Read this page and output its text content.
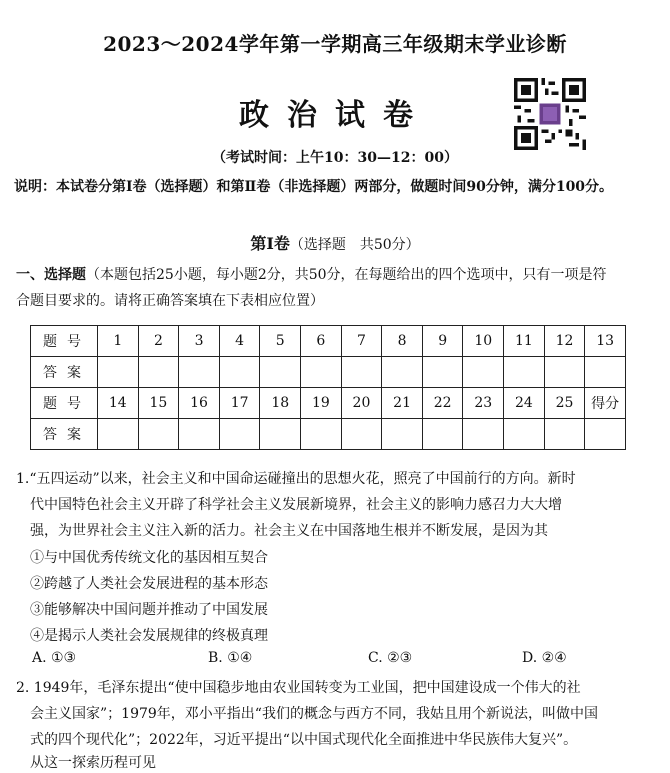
2023～2024学年第一学期高三年级期末学业诊断
政治试卷
（考试时间：上午10：30—12：00）
说明：本试卷分第Ⅰ卷（选择题）和第Ⅱ卷（非选择题）两部分，做题时间90分钟，满分100分。
第Ⅰ卷（选择题　共50分）
一、选择题（本题包括25小题，每小题2分，共50分，在每题给出的四个选项中，只有一项是符
合题目要求的。请将正确答案填在下表相应位置）
题号	1	2	3	4	5	6	7	8	9	10	11	12	13
答案													
题号	14	15	16	17	18	19	20	21	22	23	24	25	得分
答案													
1.“五四运动”以来，社会主义和中国命运碰撞出的思想火花，照亮了中国前行的方向。新时
代中国特色社会主义开辟了科学社会主义发展新境界，社会主义的影响力感召力大大增
强，为世界社会主义注入新的活力。社会主义在中国落地生根并不断发展，是因为其
①与中国优秀传统文化的基因相互契合
②跨越了人类社会发展进程的基本形态
③能够解决中国问题并推动了中国发展
④是揭示人类社会发展规律的终极真理
A. ①③	B. ①④	C. ②③	D. ②④
2. 1949年，毛泽东提出“使中国稳步地由农业国转变为工业国，把中国建设成一个伟大的社
会主义国家”；1979年，邓小平指出“我们的概念与西方不同，我姑且用个新说法，叫做中国
式的四个现代化”；2022年，习近平提出“以中国式现代化全面推进中华民族伟大复兴”。
从这一探索历程可见
